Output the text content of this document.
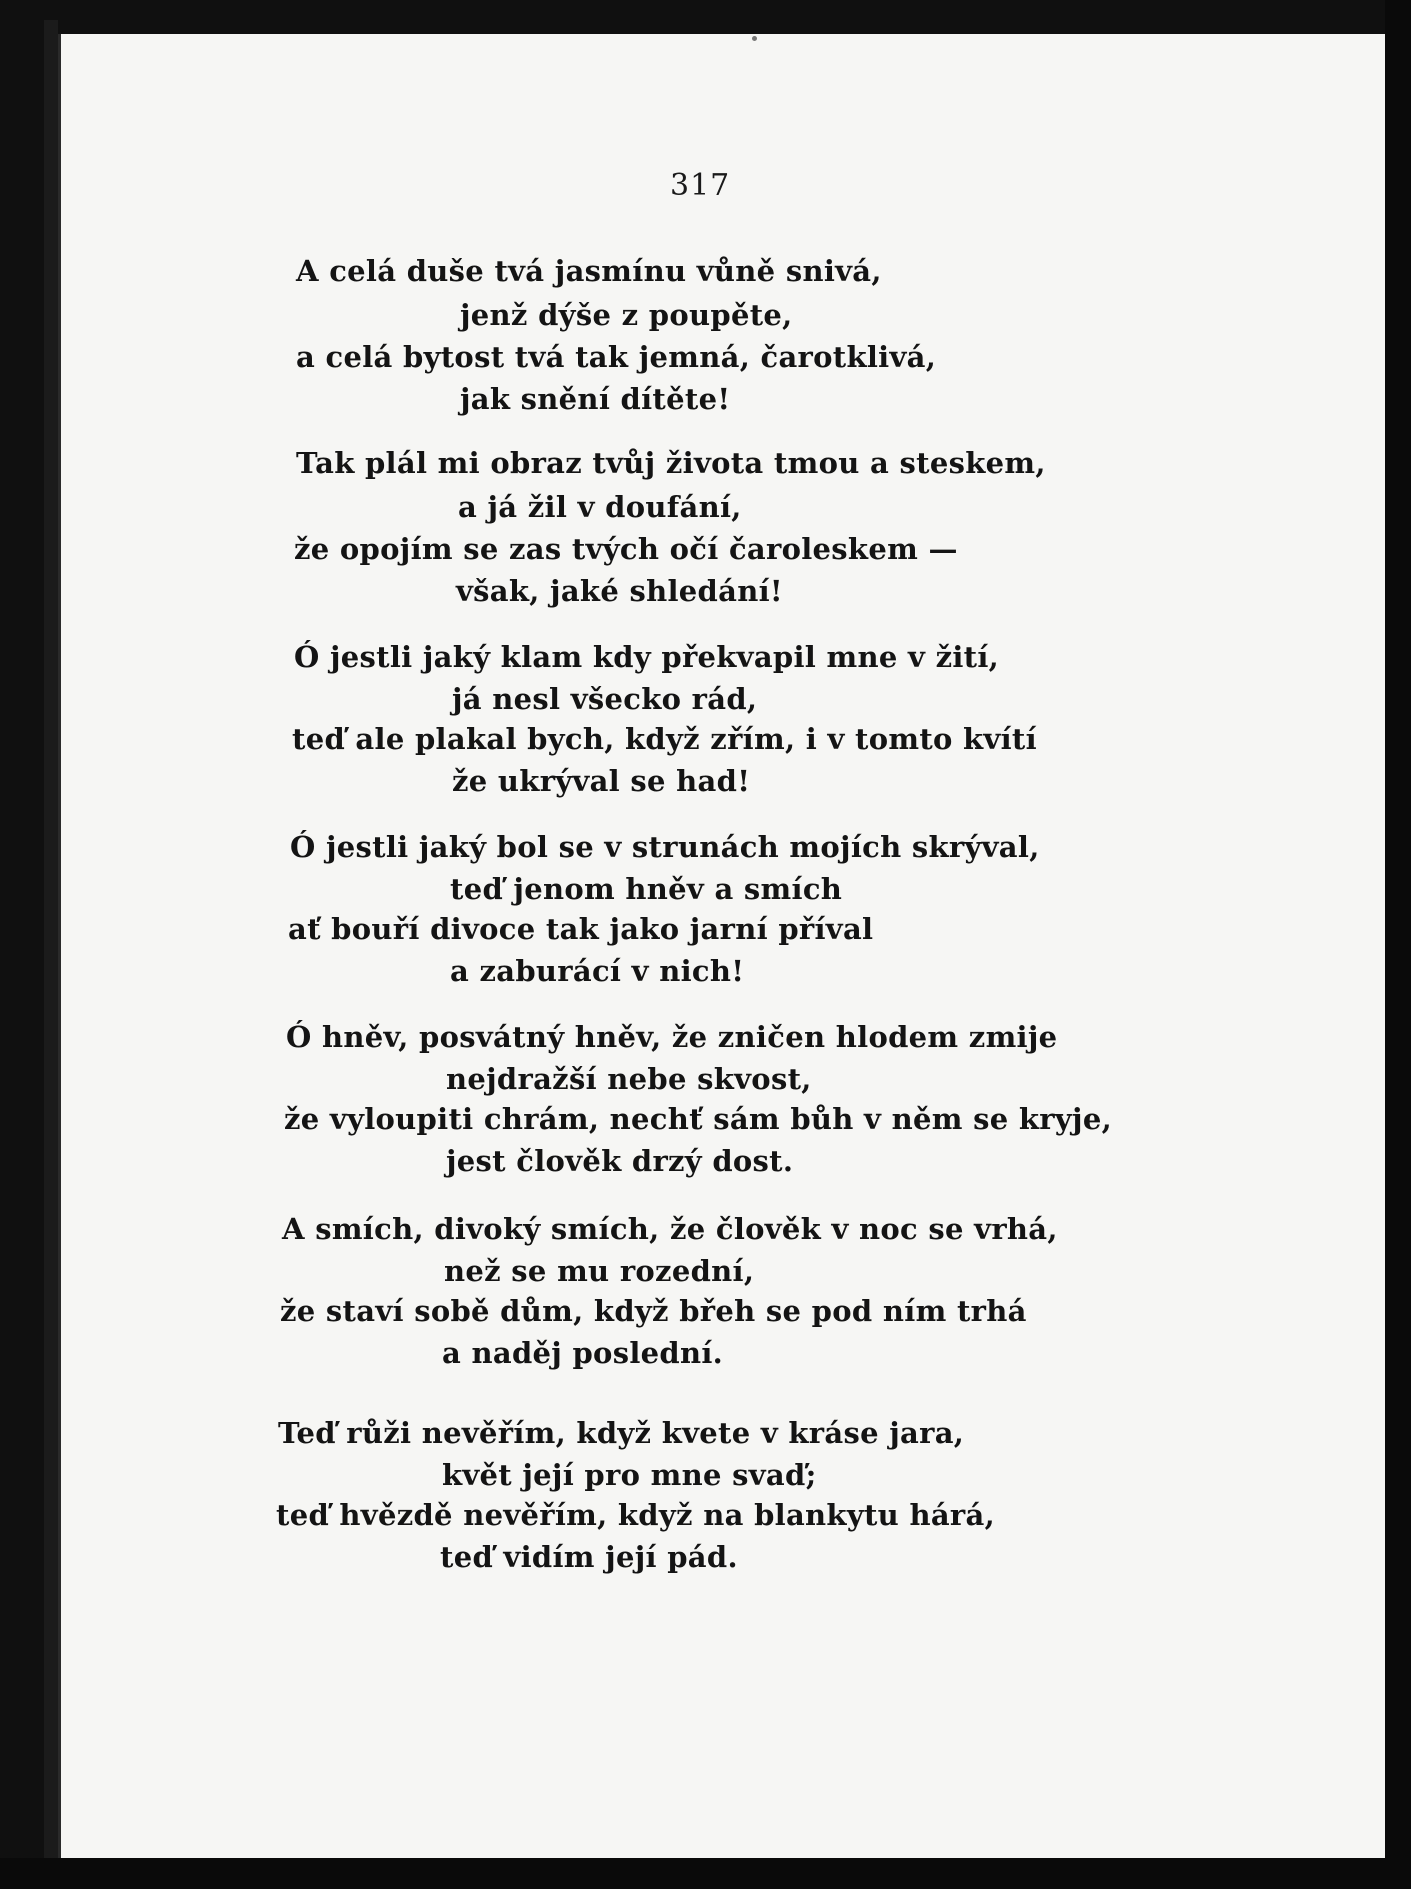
317
A celá duše tvá jasmínu vůně snivá,
jenž dýše z poupěte,
a celá bytost tvá tak jemná, čarotklivá,
jak snění dítěte!
Tak plál mi obraz tvůj života tmou a steskem,
a já žil v doufání,
že opojím se zas tvých očí čaroleskem —
však, jaké shledání!
Ó jestli jaký klam kdy překvapil mne v žití,
já nesl všecko rád,
teď ale plakal bych, když zřím, i v tomto kvítí
že ukrýval se had!
Ó jestli jaký bol se v strunách mojích skrýval,
teď jenom hněv a smích
ať bouří divoce tak jako jarní příval
a zaburácí v nich!
Ó hněv, posvátný hněv, že zničen hlodem zmije
nejdražší nebe skvost,
že vyloupiti chrám, nechť sám bůh v něm se kryje,
jest člověk drzý dost.
A smích, divoký smích, že člověk v noc se vrhá,
než se mu rozední,
že staví sobě dům, když břeh se pod ním trhá
a naděj poslední.
Teď růži nevěřím, když kvete v kráse jara,
květ její pro mne svaď;
teď hvězdě nevěřím, když na blankytu hárá,
teď vidím její pád.
